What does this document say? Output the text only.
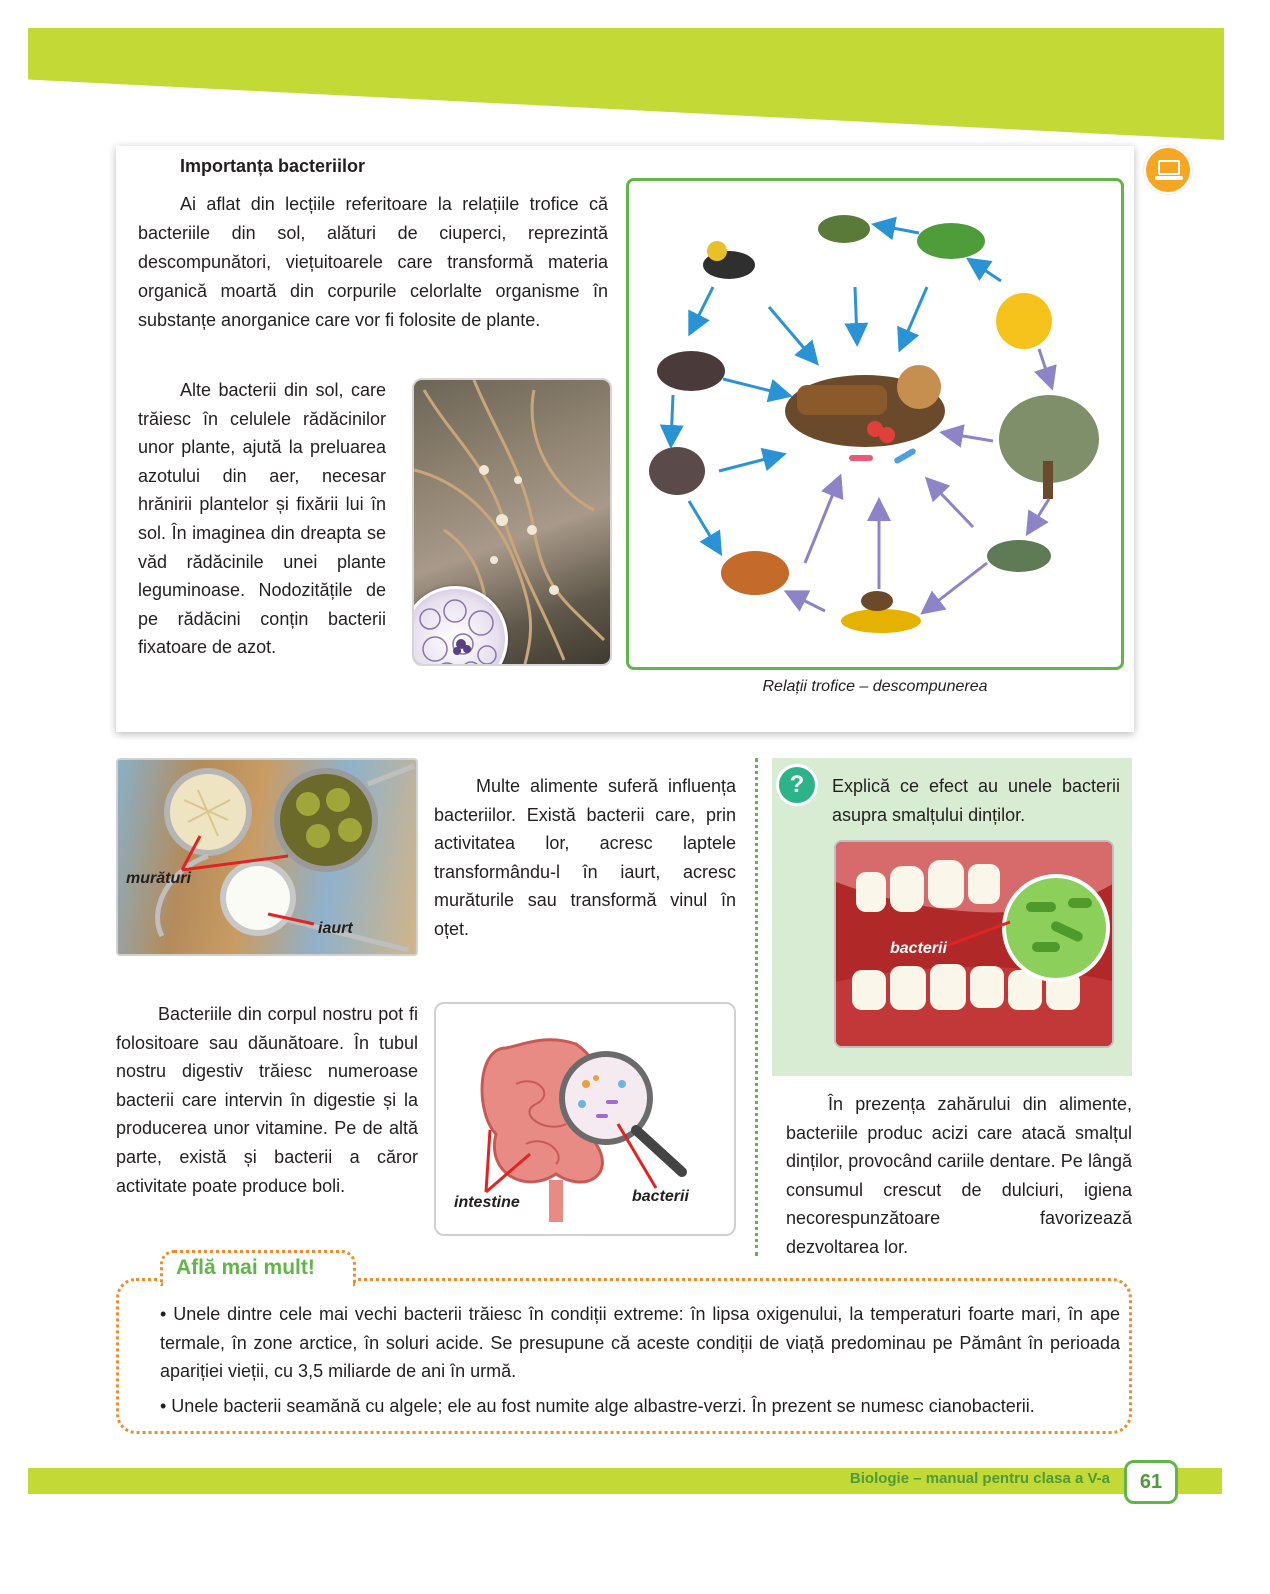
Importanța bacteriilor
Ai aflat din lecțiile referitoare la relațiile trofice că bacteriile din sol, alături de ciuperci, reprezintă descompunători, viețuitoarele care transformă materia organică moartă din corpurile celorlalte organisme în substanțe anorganice care vor fi folosite de plante.
Alte bacterii din sol, care trăiesc în celulele rădăcinilor unor plante, ajută la preluarea azotului din aer, necesar hrănirii plantelor și fixării lui în sol. În imaginea din dreapta se văd rădăcinile unei plante leguminoase. Nodozitățile de pe rădăcini conțin bacterii fixatoare de azot.
Relații trofice – descompunerea
murături
iaurt
Multe alimente suferă influența bacteriilor. Există bacterii care, prin activitatea lor, acresc laptele transformându-l în iaurt, acresc murăturile sau transformă vinul în oțet.
Bacteriile din corpul nostru pot fi folositoare sau dăunătoare. În tubul nostru digestiv trăiesc numeroase bacterii care intervin în digestie și la producerea unor vitamine. Pe de altă parte, există și bacterii a căror activitate poate produce boli.
intestine	bacterii
?	Explică ce efect au unele bacterii asupra smalțului dinților.
bacterii
În prezența zahărului din alimente, bacteriile produc acizi care atacă smalțul dinților, provocând cariile dentare. Pe lângă consumul crescut de dulciuri, igiena necorespunzătoare favorizează dezvoltarea lor.
Află mai mult!
• Unele dintre cele mai vechi bacterii trăiesc în condiții extreme: în lipsa oxigenului, la temperaturi foarte mari, în ape termale, în zone arctice, în soluri acide. Se presupune că aceste condiții de viață predominau pe Pământ în perioada apariției vieții, cu 3,5 miliarde de ani în urmă.
• Unele bacterii seamănă cu algele; ele au fost numite alge albastre-verzi. În prezent se numesc cianobacterii.
Biologie – manual pentru clasa a V-a	61
